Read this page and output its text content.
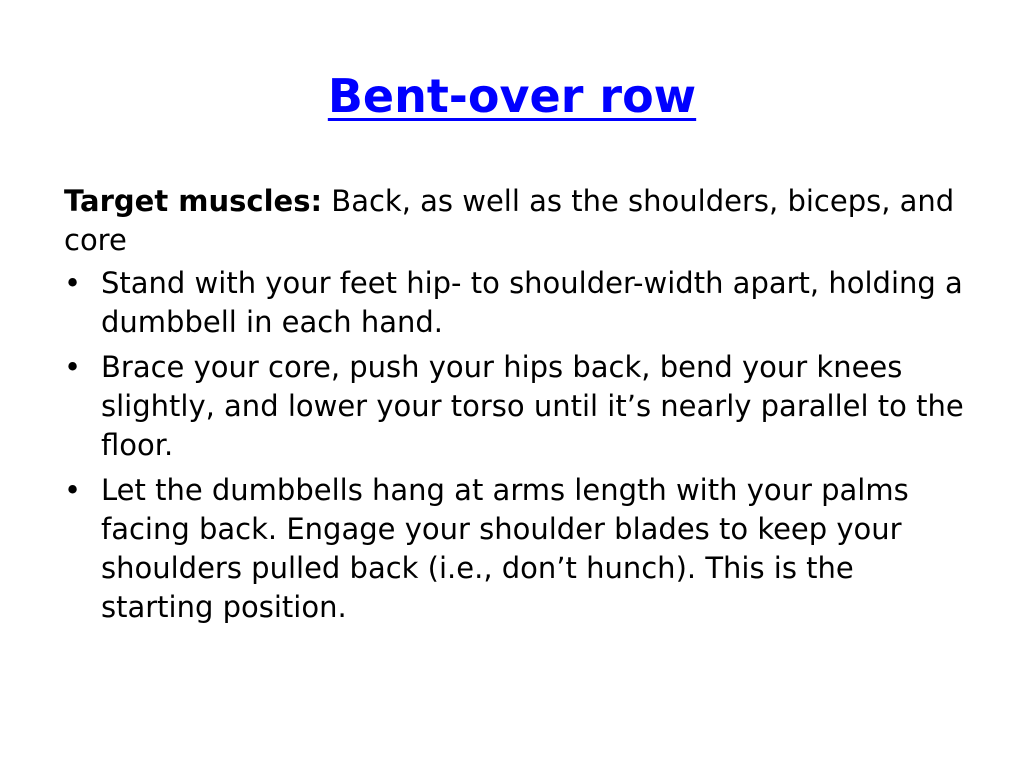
Bent-over row

Target muscles: Back, as well as the shoulders, biceps, and core

• Stand with your feet hip- to shoulder-width apart, holding a dumbbell in each hand.
• Brace your core, push your hips back, bend your knees slightly, and lower your torso until it’s nearly parallel to the floor.
• Let the dumbbells hang at arms length with your palms facing back. Engage your shoulder blades to keep your shoulders pulled back (i.e., don’t hunch). This is the starting position.
